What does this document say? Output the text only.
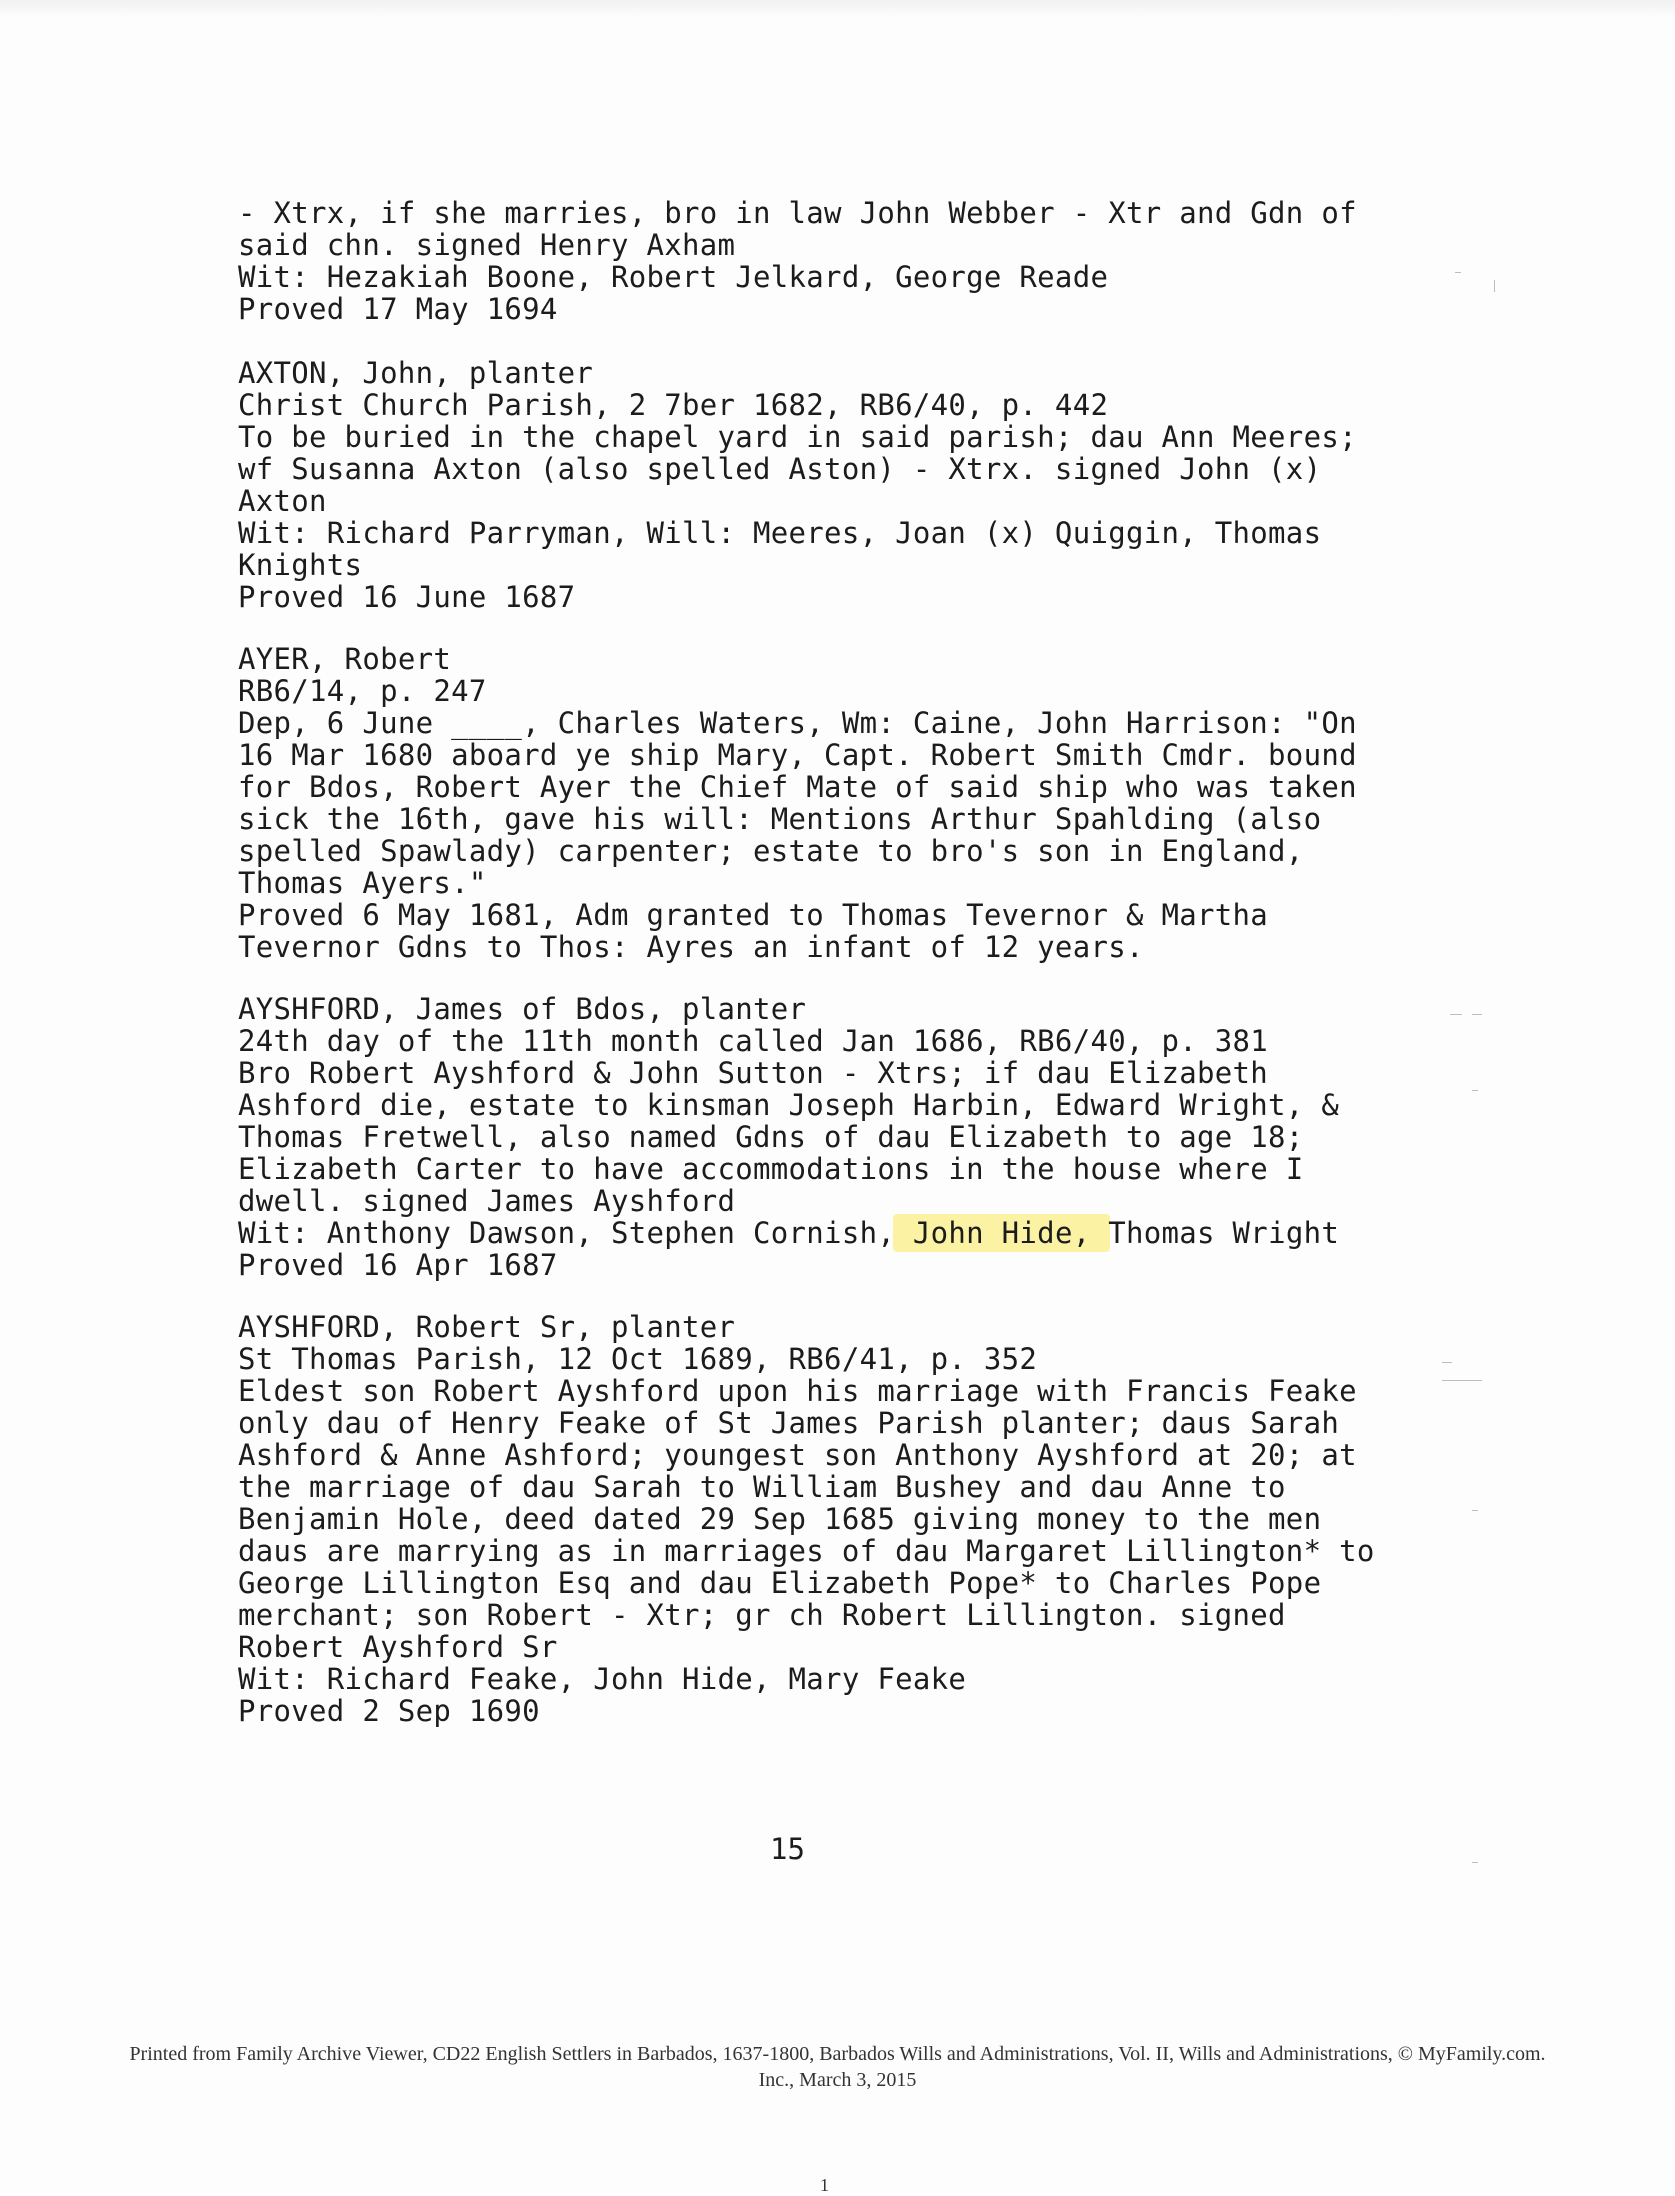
- Xtrx, if she marries, bro in law John Webber - Xtr and Gdn of
said chn. signed Henry Axham
Wit: Hezakiah Boone, Robert Jelkard, George Reade
Proved 17 May 1694
AXTON, John, planter
Christ Church Parish, 2 7ber 1682, RB6/40, p. 442
To be buried in the chapel yard in said parish; dau Ann Meeres;
wf Susanna Axton (also spelled Aston) - Xtrx. signed John (x)
Axton
Wit: Richard Parryman, Will: Meeres, Joan (x) Quiggin, Thomas
Knights
Proved 16 June 1687
AYER, Robert
RB6/14, p. 247
Dep, 6 June ____, Charles Waters, Wm: Caine, John Harrison: "On
16 Mar 1680 aboard ye ship Mary, Capt. Robert Smith Cmdr. bound
for Bdos, Robert Ayer the Chief Mate of said ship who was taken
sick the 16th, gave his will: Mentions Arthur Spahlding (also
spelled Spawlady) carpenter; estate to bro's son in England,
Thomas Ayers."
Proved 6 May 1681, Adm granted to Thomas Tevernor & Martha
Tevernor Gdns to Thos: Ayres an infant of 12 years.
AYSHFORD, James of Bdos, planter
24th day of the 11th month called Jan 1686, RB6/40, p. 381
Bro Robert Ayshford & John Sutton - Xtrs; if dau Elizabeth
Ashford die, estate to kinsman Joseph Harbin, Edward Wright, &
Thomas Fretwell, also named Gdns of dau Elizabeth to age 18;
Elizabeth Carter to have accommodations in the house where I
dwell. signed James Ayshford
Wit: Anthony Dawson, Stephen Cornish, John Hide, Thomas Wright
Proved 16 Apr 1687
AYSHFORD, Robert Sr, planter
St Thomas Parish, 12 Oct 1689, RB6/41, p. 352
Eldest son Robert Ayshford upon his marriage with Francis Feake
only dau of Henry Feake of St James Parish planter; daus Sarah
Ashford & Anne Ashford; youngest son Anthony Ayshford at 20; at
the marriage of dau Sarah to William Bushey and dau Anne to
Benjamin Hole, deed dated 29 Sep 1685 giving money to the men
daus are marrying as in marriages of dau Margaret Lillington* to
George Lillington Esq and dau Elizabeth Pope* to Charles Pope
merchant; son Robert - Xtr; gr ch Robert Lillington. signed
Robert Ayshford Sr
Wit: Richard Feake, John Hide, Mary Feake
Proved 2 Sep 1690
15
Printed from Family Archive Viewer, CD22 English Settlers in Barbados, 1637-1800, Barbados Wills and Administrations, Vol. II, Wills and Administrations, © MyFamily.com.
Inc., March 3, 2015
1
